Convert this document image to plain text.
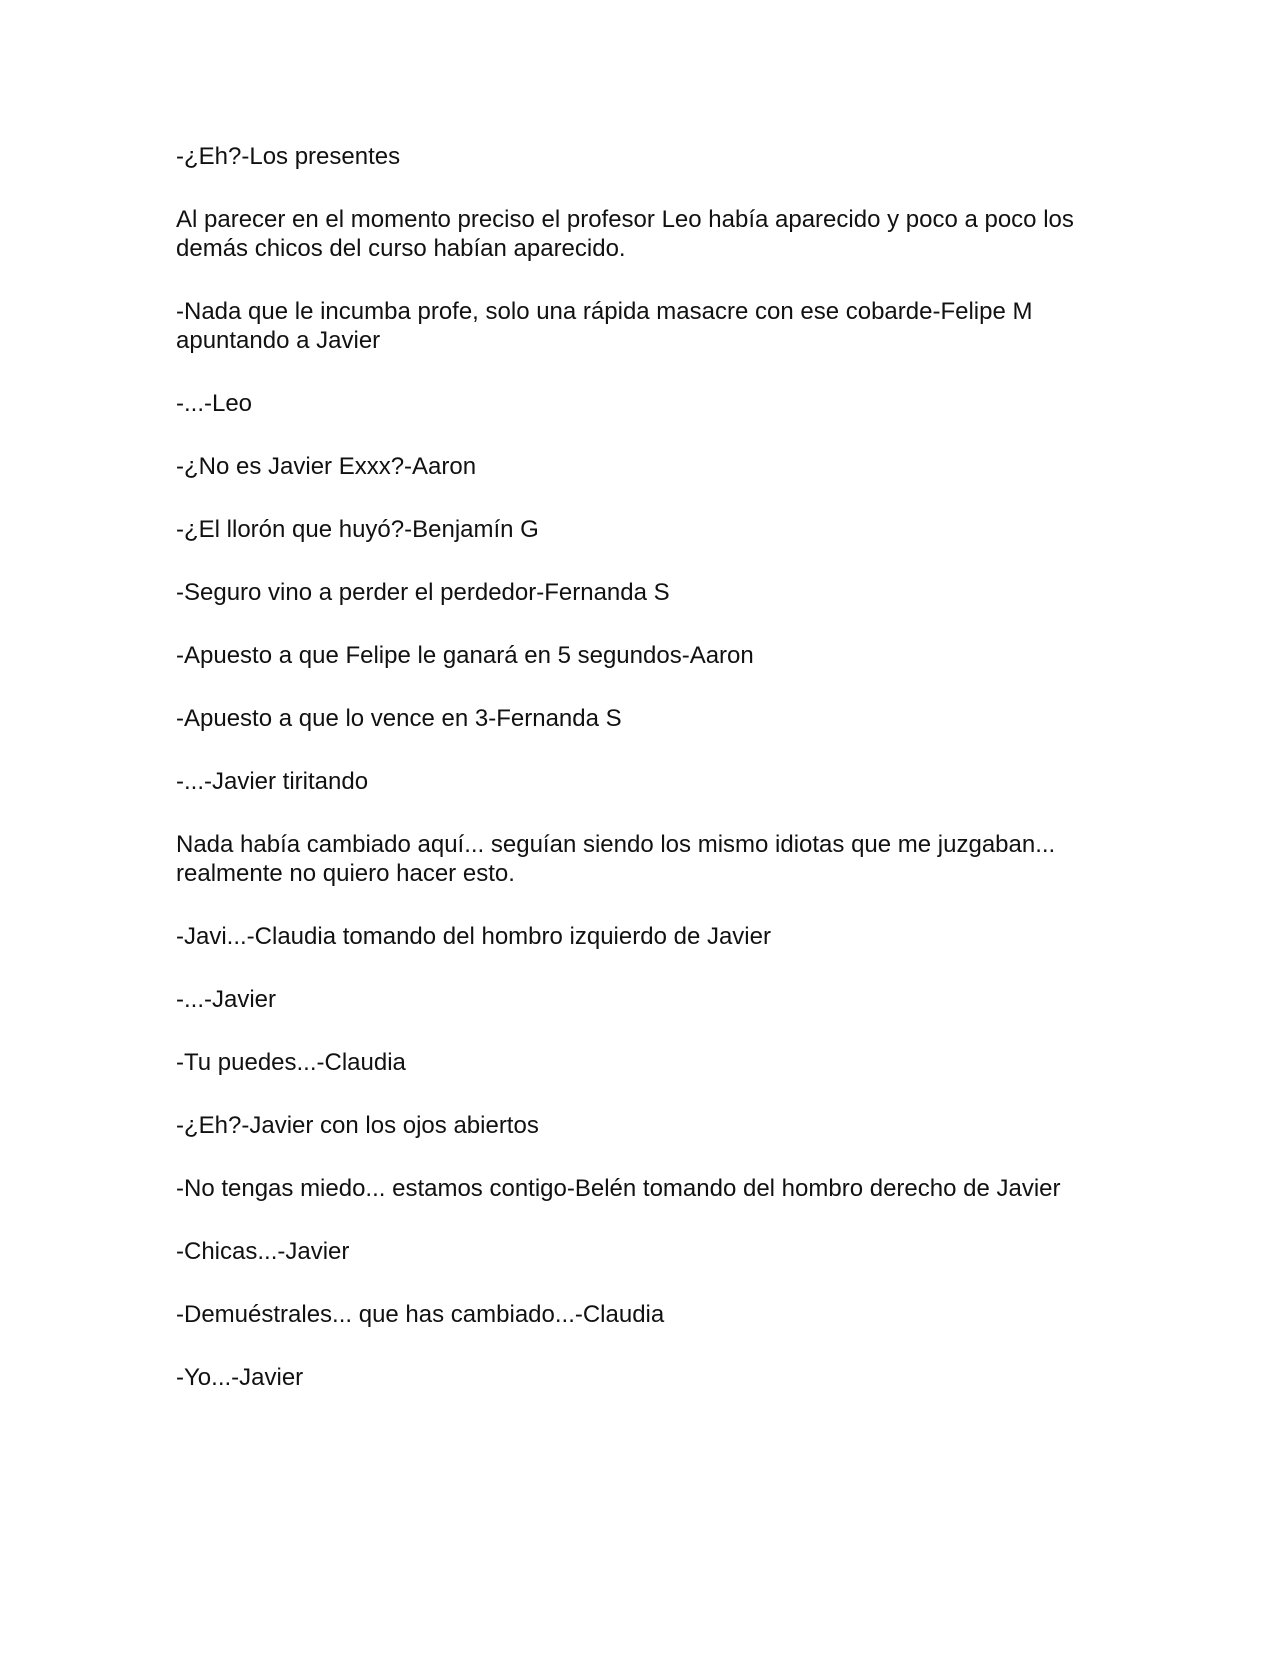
-¿Eh?-Los presentes

Al parecer en el momento preciso el profesor Leo había aparecido y poco a poco los demás chicos del curso habían aparecido.

-Nada que le incumba profe, solo una rápida masacre con ese cobarde-Felipe M apuntando a Javier

-...-Leo

-¿No es Javier Exxx?-Aaron

-¿El llorón que huyó?-Benjamín G

-Seguro vino a perder el perdedor-Fernanda S

-Apuesto a que Felipe le ganará en 5 segundos-Aaron

-Apuesto a que lo vence en 3-Fernanda S

-...-Javier tiritando

Nada había cambiado aquí... seguían siendo los mismo idiotas que me juzgaban... realmente no quiero hacer esto.

-Javi...-Claudia tomando del hombro izquierdo de Javier

-...-Javier

-Tu puedes...-Claudia

-¿Eh?-Javier con los ojos abiertos

-No tengas miedo... estamos contigo-Belén tomando del hombro derecho de Javier

-Chicas...-Javier

-Demuéstrales... que has cambiado...-Claudia

-Yo...-Javier
